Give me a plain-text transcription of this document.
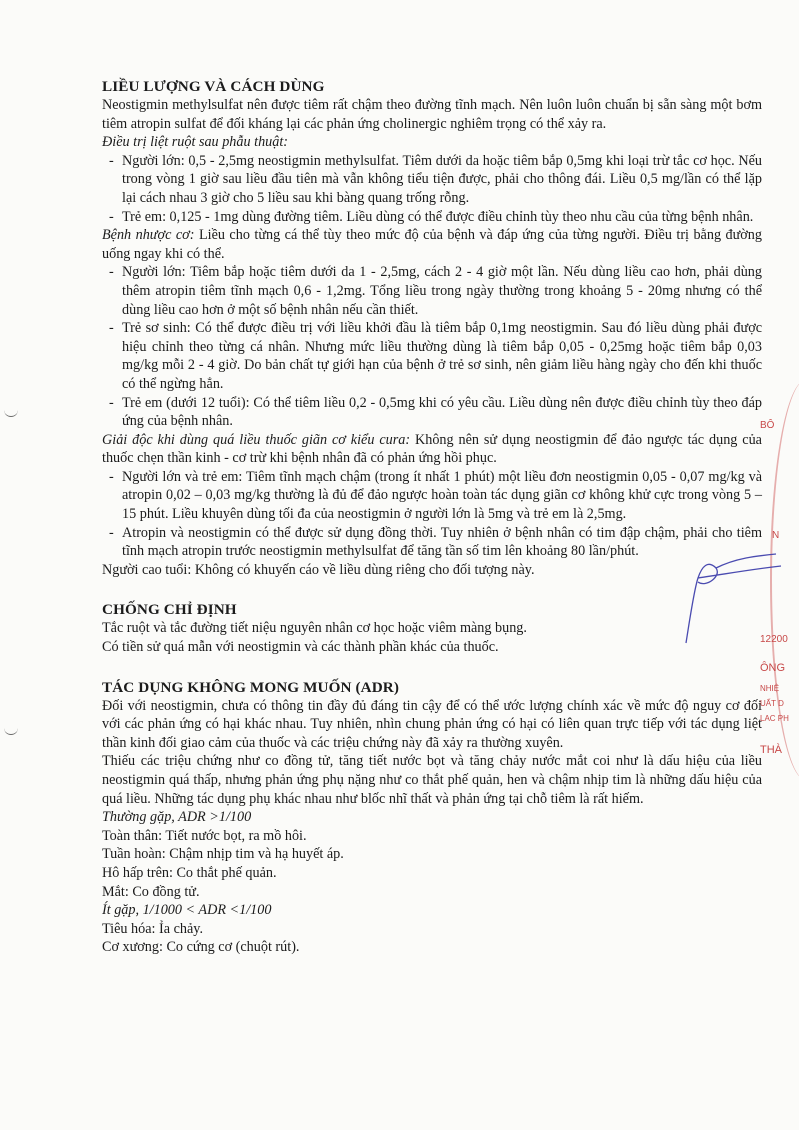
LIỀU LƯỢNG VÀ CÁCH DÙNG

Neostigmin methylsulfat nên được tiêm rất chậm theo đường tĩnh mạch. Nên luôn luôn chuẩn bị sẵn sàng một bơm tiêm atropin sulfat để đối kháng lại các phản ứng cholinergic nghiêm trọng có thể xảy ra.

Điều trị liệt ruột sau phẫu thuật:

- Người lớn: 0,5 - 2,5mg neostigmin methylsulfat. Tiêm dưới da hoặc tiêm bắp 0,5mg khi loại trừ tắc cơ học. Nếu trong vòng 1 giờ sau liều đầu tiên mà vẫn không tiểu tiện được, phải cho thông đái. Liều 0,5 mg/lần có thể lặp lại cách nhau 3 giờ cho 5 liều sau khi bàng quang trống rỗng.
- Trẻ em: 0,125 - 1mg dùng đường tiêm. Liều dùng có thể được điều chỉnh tùy theo nhu cầu của từng bệnh nhân.

Bệnh nhược cơ: Liều cho từng cá thể tùy theo mức độ của bệnh và đáp ứng của từng người. Điều trị bằng đường uống ngay khi có thể.

- Người lớn: Tiêm bắp hoặc tiêm dưới da 1 - 2,5mg, cách 2 - 4 giờ một lần. Nếu dùng liều cao hơn, phải dùng thêm atropin tiêm tĩnh mạch 0,6 - 1,2mg. Tổng liều trong ngày thường trong khoảng 5 - 20mg nhưng có thể dùng liều cao hơn ở một số bệnh nhân nếu cần thiết.
- Trẻ sơ sinh: Có thể được điều trị với liều khởi đầu là tiêm bắp 0,1mg neostigmin. Sau đó liều dùng phải được hiệu chỉnh theo từng cá nhân. Nhưng mức liều thường dùng là tiêm bắp 0,05 - 0,25mg hoặc tiêm bắp 0,03 mg/kg mỗi 2 - 4 giờ. Do bản chất tự giới hạn của bệnh ở trẻ sơ sinh, nên giảm liều hàng ngày cho đến khi thuốc có thể ngừng hẳn.
- Trẻ em (dưới 12 tuổi): Có thể tiêm liều 0,2 - 0,5mg khi có yêu cầu. Liều dùng nên được điều chỉnh tùy theo đáp ứng của bệnh nhân.

Giải độc khi dùng quá liều thuốc giãn cơ kiểu cura: Không nên sử dụng neostigmin để đảo ngược tác dụng của thuốc chẹn thần kinh - cơ trừ khi bệnh nhân đã có phản ứng hồi phục.

- Người lớn và trẻ em: Tiêm tĩnh mạch chậm (trong ít nhất 1 phút) một liều đơn neostigmin 0,05 - 0,07 mg/kg và atropin 0,02 – 0,03 mg/kg thường là đủ để đảo ngược hoàn toàn tác dụng giãn cơ không khử cực trong vòng 5 – 15 phút. Liều khuyên dùng tối đa của neostigmin ở người lớn là 5mg và trẻ em là 2,5mg.
- Atropin và neostigmin có thể được sử dụng đồng thời. Tuy nhiên ở bệnh nhân có tim đập chậm, phải cho tiêm tĩnh mạch atropin trước neostigmin methylsulfat để tăng tần số tim lên khoảng 80 lần/phút.

Người cao tuổi: Không có khuyến cáo về liều dùng riêng cho đối tượng này.

CHỐNG CHỈ ĐỊNH

Tắc ruột và tắc đường tiết niệu nguyên nhân cơ học hoặc viêm màng bụng.

Có tiền sử quá mẫn với neostigmin và các thành phần khác của thuốc.

TÁC DỤNG KHÔNG MONG MUỐN (ADR)

Đối với neostigmin, chưa có thông tin đầy đủ đáng tin cậy để có thể ước lượng chính xác về mức độ nguy cơ đối với các phản ứng có hại khác nhau. Tuy nhiên, nhìn chung phản ứng có hại có liên quan trực tiếp với tác dụng liệt thần kinh đối giao cảm của thuốc và các triệu chứng này đã xảy ra thường xuyên.

Thiếu các triệu chứng như co đồng tử, tăng tiết nước bọt và tăng chảy nước mắt coi như là dấu hiệu của liều neostigmin quá thấp, nhưng phản ứng phụ nặng như co thắt phế quản, hen và chậm nhịp tim là những dấu hiệu của quá liều. Những tác dụng phụ khác nhau như blốc nhĩ thất và phản ứng tại chỗ tiêm là rất hiếm.

Thường gặp, ADR >1/100

Toàn thân: Tiết nước bọt, ra mồ hôi.

Tuần hoàn: Chậm nhịp tim và hạ huyết áp.

Hô hấp trên: Co thắt phế quản.

Mắt: Co đồng tử.

Ít gặp, 1/1000 < ADR <1/100

Tiêu hóa: Ỉa chảy.

Cơ xương: Co cứng cơ (chuột rút).

BÔ
N
12200
ÔNG
NHIỆ
UẤT D
LAC PH
THÀ
